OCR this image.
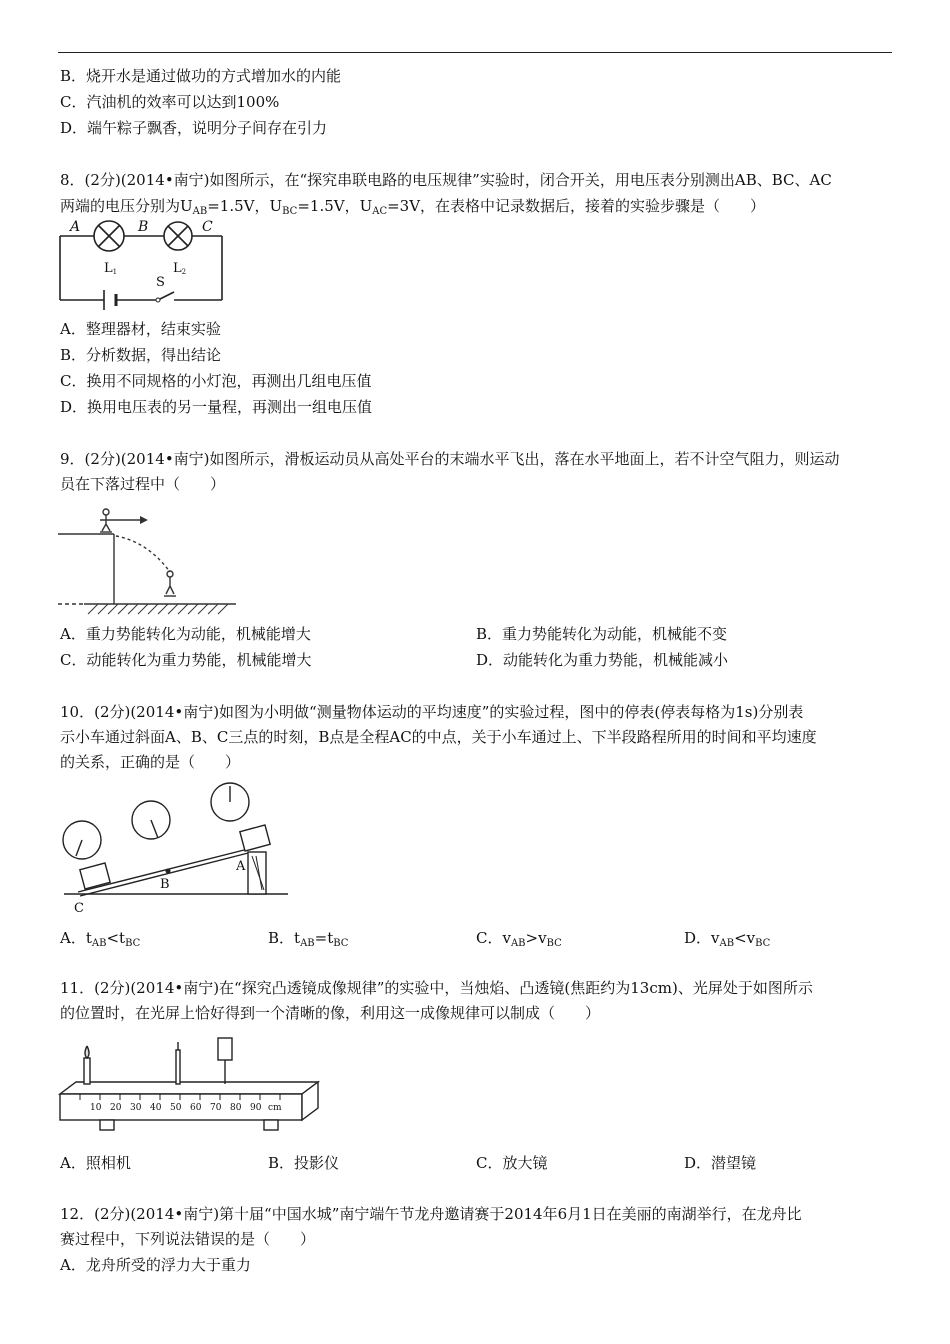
B．烧开水是通过做功的方式增加水的内能
C．汽油机的效率可以达到100%
D．端午粽子飘香，说明分子间存在引力
8．(2分)(2014•南宁)如图所示，在“探究串联电路的电压规律”实验时，闭合开关，用电压表分别测出AB、BC、AC
两端的电压分别为$U_{AB}=1.5V$，$U_{BC}=1.5V$，$U_{AC}=3V$，在表格中记录数据后，接着的实验步骤是（　　）
A	B	C
L1	L2
S
A．整理器材，结束实验
B．分析数据，得出结论
C．换用不同规格的小灯泡，再测出几组电压值
D．换用电压表的另一量程，再测出一组电压值
9．(2分)(2014•南宁)如图所示，滑板运动员从高处平台的末端水平飞出，落在水平地面上，若不计空气阻力，则运动
员在下落过程中（　　）
A．重力势能转化为动能，机械能增大	B．重力势能转化为动能，机械能不变
C．动能转化为重力势能，机械能增大	D．动能转化为重力势能，机械能减小
10．(2分)(2014•南宁)如图为小明做“测量物体运动的平均速度”的实验过程，图中的停表(停表每格为1s)分别表
示小车通过斜面A、B、C三点的时刻，B点是全程AC的中点，关于小车通过上、下半段路程所用的时间和平均速度
的关系，正确的是（　　）
B
C
A
A．$t_{AB}<t_{BC}$	B．$t_{AB}=t_{BC}$	C．$v_{AB}>v_{BC}$	D．$v_{AB}<v_{BC}$
11．(2分)(2014•南宁)在“探究凸透镜成像规律”的实验中，当烛焰、凸透镜(焦距约为13cm)、光屏处于如图所示
的位置时，在光屏上恰好得到一个清晰的像，利用这一成像规律可以制成（　　）
10 20 30 40 50 60 70 80 90 cm
A．照相机	B．投影仪	C．放大镜	D．潜望镜
12．(2分)(2014•南宁)第十届“中国水城”南宁端午节龙舟邀请赛于2014年6月1日在美丽的南湖举行，在龙舟比
赛过程中，下列说法错误的是（　　）
A．龙舟所受的浮力大于重力
